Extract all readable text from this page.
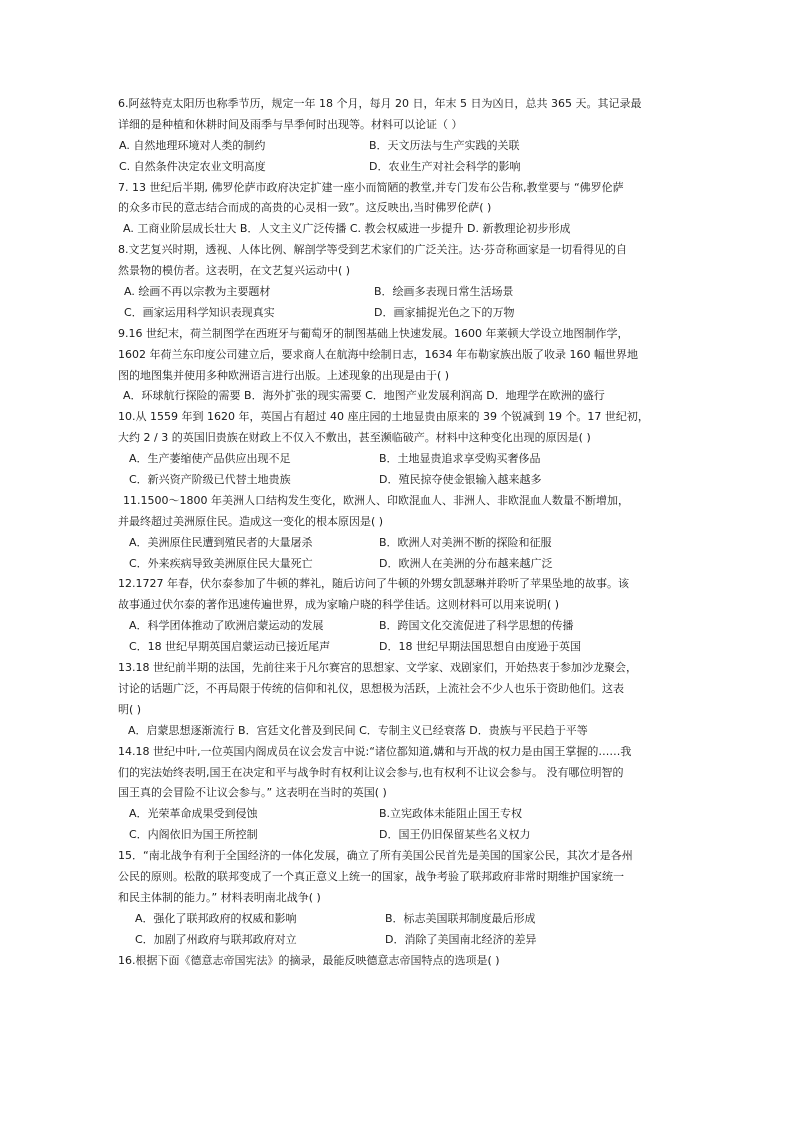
6.阿兹特克太阳历也称季节历，规定一年 18 个月，每月 20 日，年末 5 日为凶日，总共 365 天。其记录最
详细的是种植和休耕时间及雨季与旱季何时出现等。材料可以论证（ ）
A. 自然地理环境对人类的制约	B．天文历法与生产实践的关联
C. 自然条件决定农业文明高度	D．农业生产对社会科学的影响
7. 13 世纪后半期, 佛罗伦萨市政府决定扩建一座小而简陋的教堂,并专门发布公告称,教堂要与 “佛罗伦萨
的众多市民的意志结合而成的高贵的心灵相一致”。这反映出,当时佛罗伦萨( )
A. 工商业阶层成长壮大 B．人文主义广泛传播 C. 教会权威进一步提升 D. 新教理论初步形成
8.文艺复兴时期，透视、人体比例、解剖学等受到艺术家们的广泛关注。达·芬奇称画家是一切看得见的自
然景物的模仿者。这表明，在文艺复兴运动中( )
A. 绘画不再以宗教为主要题材	B．绘画多表现日常生活场景
C．画家运用科学知识表现真实	D．画家捕捉光色之下的万物
9.16 世纪末，荷兰制图学在西班牙与葡萄牙的制图基础上快速发展。1600 年莱顿大学设立地图制作学，
1602 年荷兰东印度公司建立后，要求商人在航海中绘制日志，1634 年布勒家族出版了收录 160 幅世界地
图的地图集并使用多种欧洲语言进行出版。上述现象的出现是由于( )
A．环球航行探险的需要 B．海外扩张的现实需要 C．地图产业发展利润高 D．地理学在欧洲的盛行
10.从 1559 年到 1620 年，英国占有超过 40 座庄园的土地显贵由原来的 39 个锐减到 19 个。17 世纪初，
大约 2 / 3 的英国旧贵族在财政上不仅入不敷出，甚至濒临破产。材料中这种变化出现的原因是( )
A．生产萎缩使产品供应出现不足	B．土地显贵追求享受购买奢侈品
C．新兴资产阶级已代替土地贵族	D．殖民掠夺使金银输入越来越多
11.1500～1800 年美洲人口结构发生变化，欧洲人、印欧混血人、非洲人、非欧混血人数量不断增加，
并最终超过美洲原住民。造成这一变化的根本原因是( )
A．美洲原住民遭到殖民者的大量屠杀	B．欧洲人对美洲不断的探险和征服
C．外来疾病导致美洲原住民大量死亡	D．欧洲人在美洲的分布越来越广泛
12.1727 年春，伏尔泰参加了牛顿的葬礼，随后访问了牛顿的外甥女凯瑟琳并聆听了苹果坠地的故事。该
故事通过伏尔泰的著作迅速传遍世界，成为家喻户晓的科学佳话。这则材料可以用来说明( )
A．科学团体推动了欧洲启蒙运动的发展	B．跨国文化交流促进了科学思想的传播
C．18 世纪早期英国启蒙运动已接近尾声	D．18 世纪早期法国思想自由度逊于英国
13.18 世纪前半期的法国，先前往来于凡尔赛宫的思想家、文学家、戏剧家们，开始热衷于参加沙龙聚会，
讨论的话题广泛，不再局限于传统的信仰和礼仪，思想极为活跃，上流社会不少人也乐于资助他们。这表
明( )
A．启蒙思想逐渐流行 B．宫廷文化普及到民间 C．专制主义已经衰落 D．贵族与平民趋于平等
14.18 世纪中叶,一位英国内阁成员在议会发言中说:“诸位都知道,媾和与开战的权力是由国王掌握的……我
们的宪法始终表明,国王在决定和平与战争时有权利让议会参与,也有权利不让议会参与。 没有哪位明智的
国王真的会冒险不让议会参与。” 这表明在当时的英国( )
A．光荣革命成果受到侵蚀	B.立宪政体未能阻止国王专权
C．内阁依旧为国王所控制	D．国王仍旧保留某些名义权力
15．“南北战争有利于全国经济的一体化发展，确立了所有美国公民首先是美国的国家公民，其次才是各州
公民的原则。松散的联邦变成了一个真正意义上统一的国家，战争考验了联邦政府非常时期维护国家统一
和民主体制的能力。” 材料表明南北战争( )
A．强化了联邦政府的权威和影响	B．标志美国联邦制度最后形成
C．加剧了州政府与联邦政府对立	D．消除了美国南北经济的差异
16.根据下面《德意志帝国宪法》的摘录，最能反映德意志帝国特点的选项是( )
